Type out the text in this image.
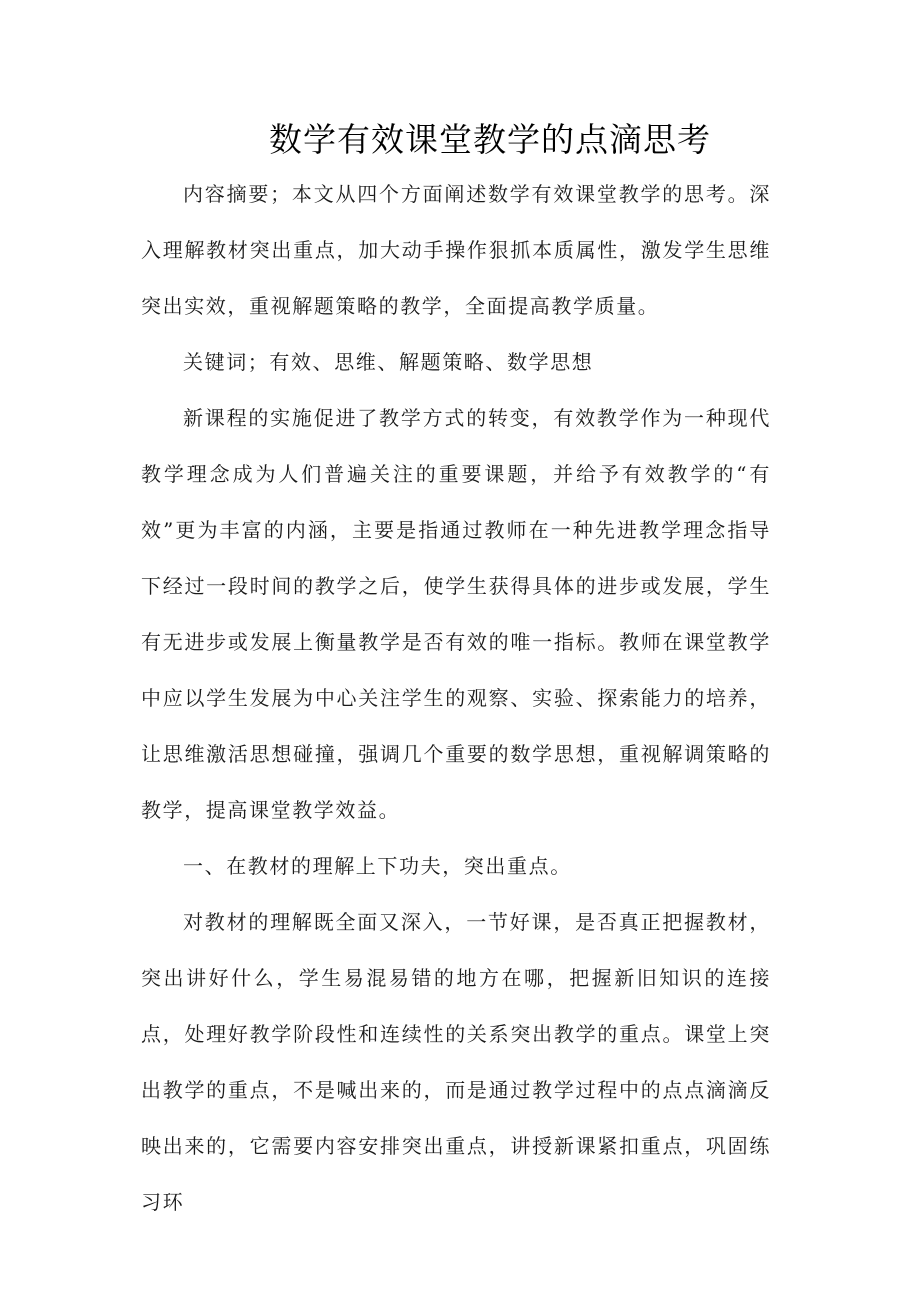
数学有效课堂教学的点滴思考

内容摘要；本文从四个方面阐述数学有效课堂教学的思考。深入理解教材突出重点，加大动手操作狠抓本质属性，激发学生思维突出实效，重视解题策略的教学，全面提高教学质量。

关键词；有效、思维、解题策略、数学思想

新课程的实施促进了教学方式的转变，有效教学作为一种现代教学理念成为人们普遍关注的重要课题，并给予有效教学的“有效”更为丰富的内涵，主要是指通过教师在一种先进教学理念指导下经过一段时间的教学之后，使学生获得具体的进步或发展，学生有无进步或发展上衡量教学是否有效的唯一指标。教师在课堂教学中应以学生发展为中心关注学生的观察、实验、探索能力的培养，让思维激活思想碰撞，强调几个重要的数学思想，重视解调策略的教学，提高课堂教学效益。

一、在教材的理解上下功夫，突出重点。

对教材的理解既全面又深入，一节好课，是否真正把握教材，突出讲好什么，学生易混易错的地方在哪，把握新旧知识的连接点，处理好教学阶段性和连续性的关系突出教学的重点。课堂上突出教学的重点，不是喊出来的，而是通过教学过程中的点点滴滴反映出来的，它需要内容安排突出重点，讲授新课紧扣重点，巩固练习环
